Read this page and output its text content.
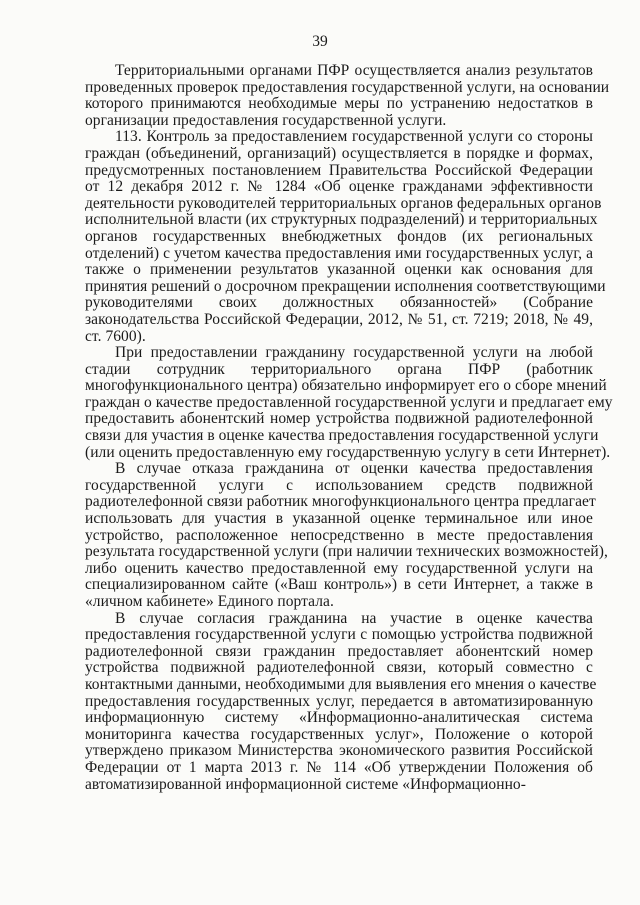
39
Территориальными органами ПФР осуществляется анализ результатов
проведенных проверок предоставления государственной услуги, на основании
которого принимаются необходимые меры по устранению недостатков в
организации предоставления государственной услуги.
113. Контроль за предоставлением государственной услуги со стороны
граждан (объединений, организаций) осуществляется в порядке и формах,
предусмотренных постановлением Правительства Российской Федерации
от 12 декабря 2012 г. № 1284 «Об оценке гражданами эффективности
деятельности руководителей территориальных органов федеральных органов
исполнительной власти (их структурных подразделений) и территориальных
органов государственных внебюджетных фондов (их региональных
отделений) с учетом качества предоставления ими государственных услуг, а
также о применении результатов указанной оценки как основания для
принятия решений о досрочном прекращении исполнения соответствующими
руководителями своих должностных обязанностей» (Собрание
законодательства Российской Федерации, 2012, № 51, ст. 7219; 2018, № 49,
ст. 7600).
При предоставлении гражданину государственной услуги на любой
стадии сотрудник территориального органа ПФР (работник
многофункционального центра) обязательно информирует его о сборе мнений
граждан о качестве предоставленной государственной услуги и предлагает ему
предоставить абонентский номер устройства подвижной радиотелефонной
связи для участия в оценке качества предоставления государственной услуги
(или оценить предоставленную ему государственную услугу в сети Интернет).
В случае отказа гражданина от оценки качества предоставления
государственной услуги с использованием средств подвижной
радиотелефонной связи работник многофункционального центра предлагает
использовать для участия в указанной оценке терминальное или иное
устройство, расположенное непосредственно в месте предоставления
результата государственной услуги (при наличии технических возможностей),
либо оценить качество предоставленной ему государственной услуги на
специализированном сайте («Ваш контроль») в сети Интернет, а также в
«личном кабинете» Единого портала.
В случае согласия гражданина на участие в оценке качества
предоставления государственной услуги с помощью устройства подвижной
радиотелефонной связи гражданин предоставляет абонентский номер
устройства подвижной радиотелефонной связи, который совместно с
контактными данными, необходимыми для выявления его мнения о качестве
предоставления государственных услуг, передается в автоматизированную
информационную систему «Информационно-аналитическая система
мониторинга качества государственных услуг», Положение о которой
утверждено приказом Министерства экономического развития Российской
Федерации от 1 марта 2013 г. № 114 «Об утверждении Положения об
автоматизированной информационной системе «Информационно-
